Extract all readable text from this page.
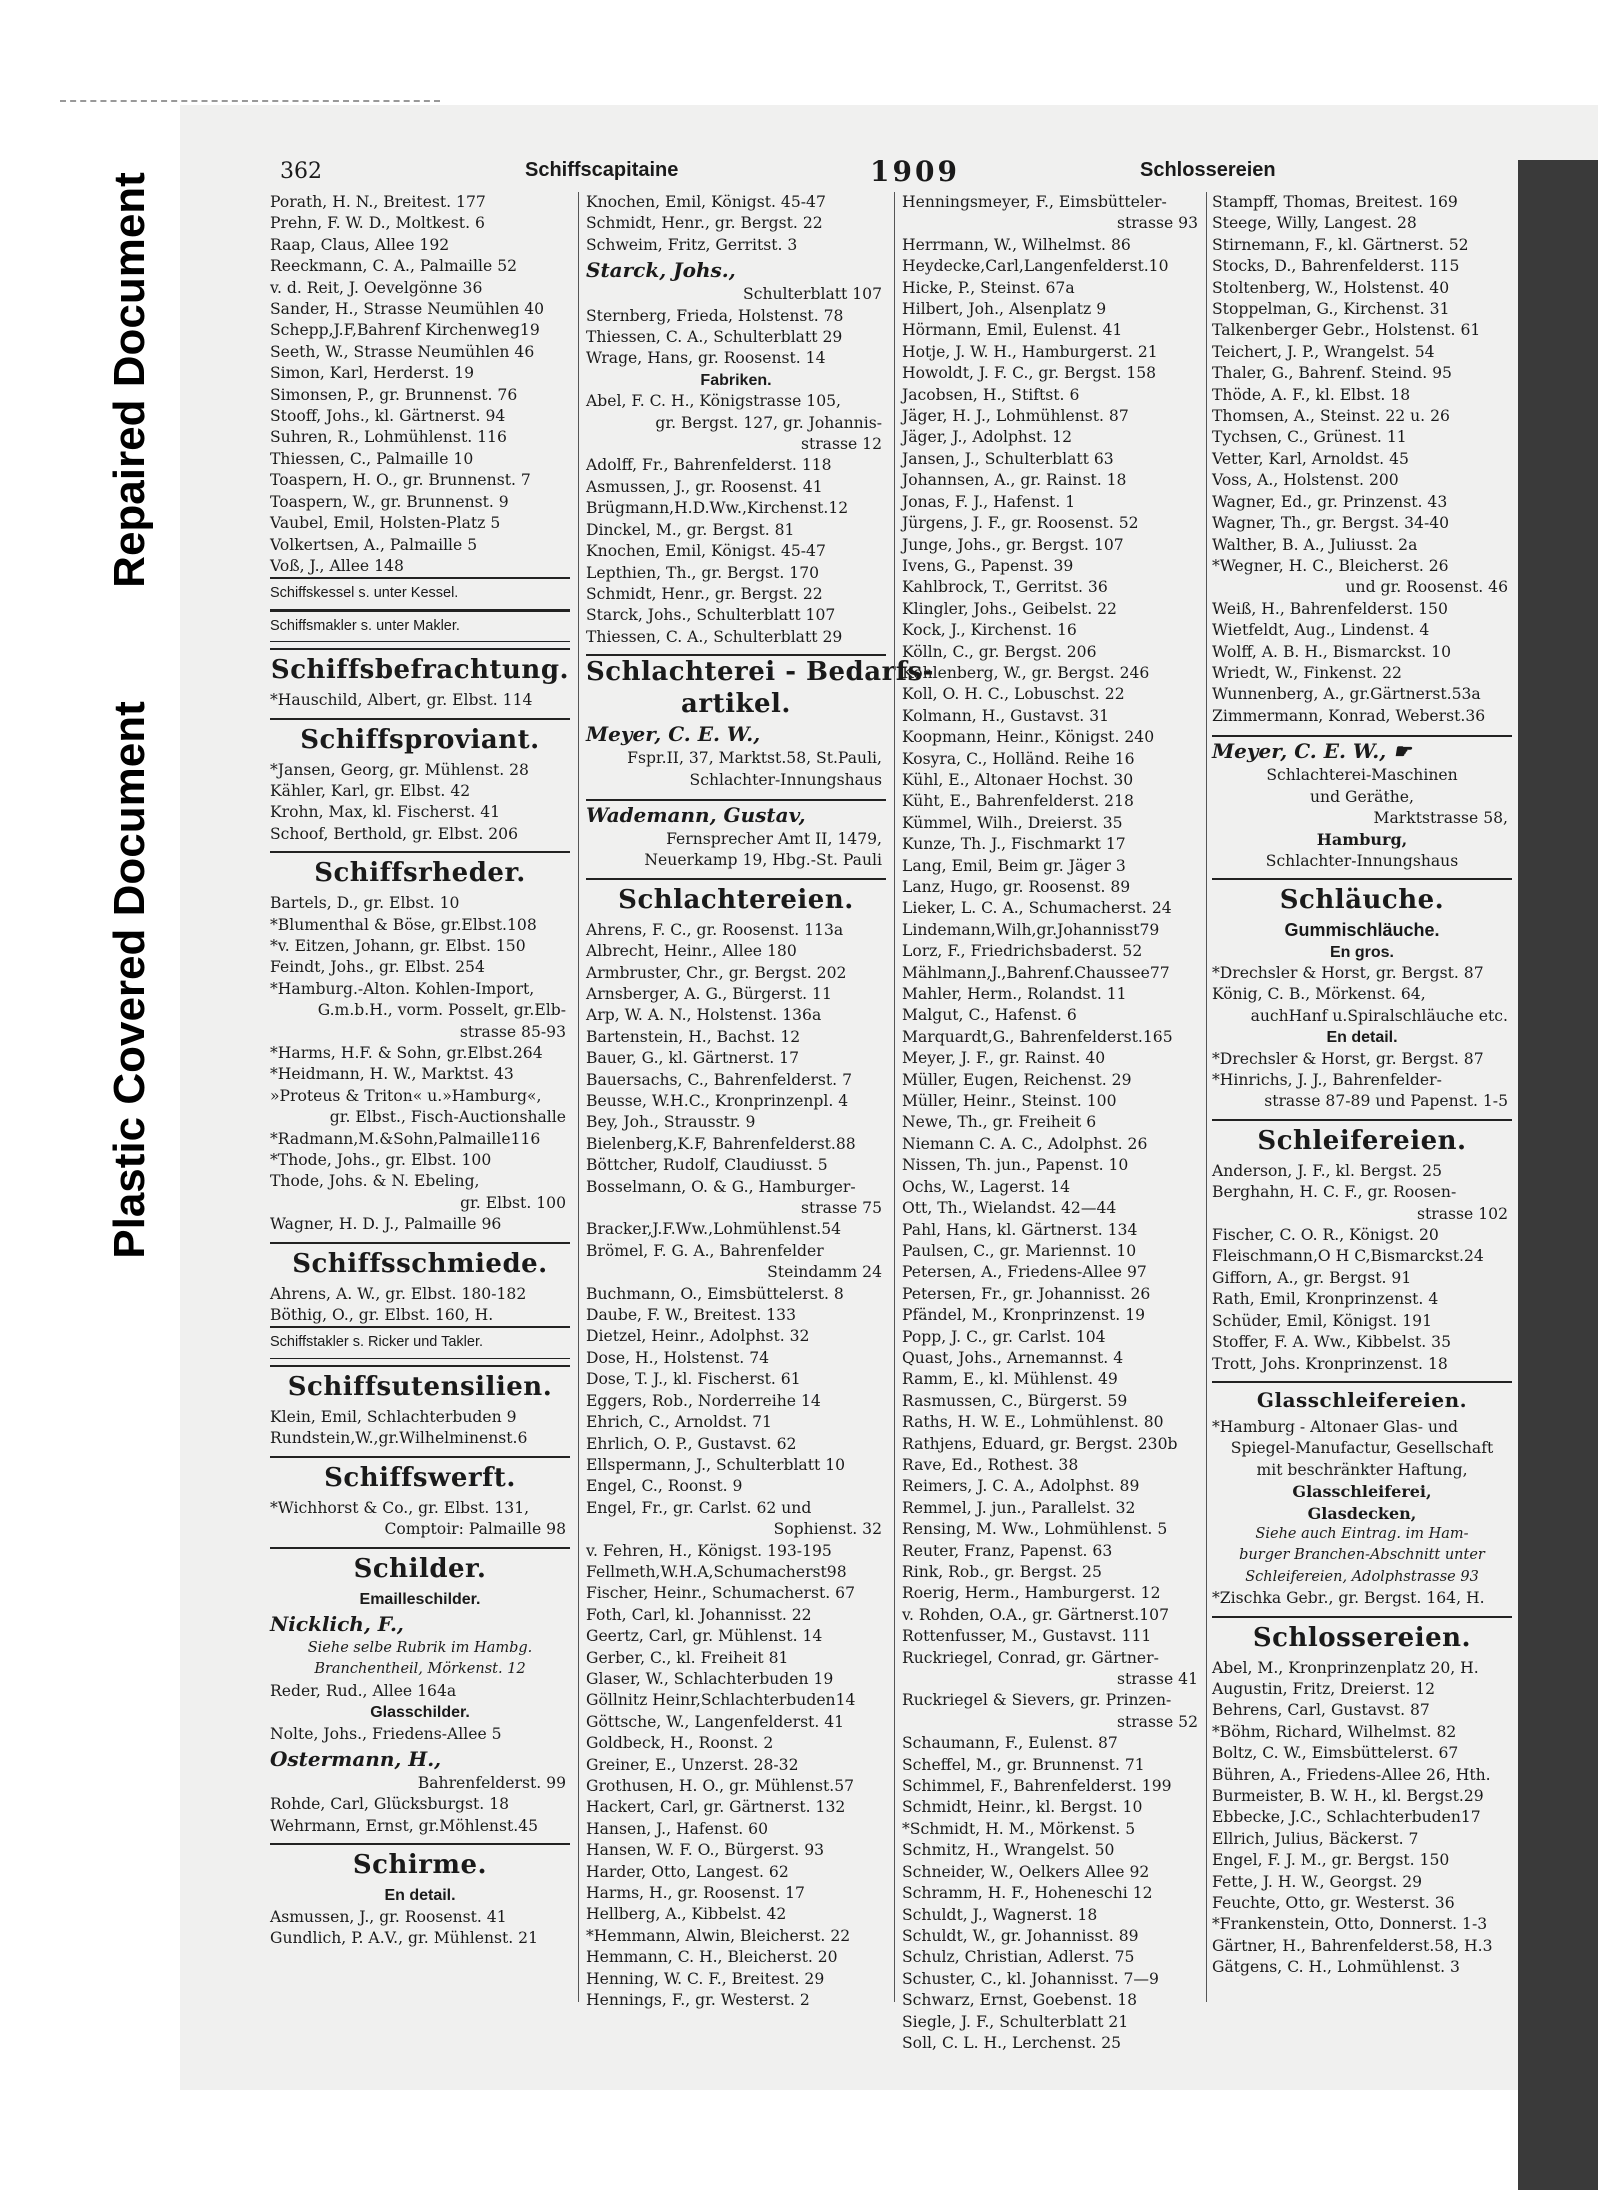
Repaired Document
Plastic Covered Document
362	Schiffscapitaine	1909	Schlossereien
Porath, H. N., Breitest. 177
Prehn, F. W. D., Moltkest. 6
Raap, Claus, Allee 192
Reeckmann, C. A., Palmaille 52
v. d. Reit, J. Oevelgönne 36
Sander, H., Strasse Neumühlen 40
Schepp,J.F,Bahrenf Kirchenweg19
Seeth, W., Strasse Neumühlen 46
Simon, Karl, Herderst. 19
Simonsen, P., gr. Brunnenst. 76
Stooff, Johs., kl. Gärtnerst. 94
Suhren, R., Lohmühlenst. 116
Thiessen, C., Palmaille 10
Toaspern, H. O., gr. Brunnenst. 7
Toaspern, W., gr. Brunnenst. 9
Vaubel, Emil, Holsten-Platz 5
Volkertsen, A., Palmaille 5
Voß, J., Allee 148
Schiffskessel s. unter Kessel.
Schiffsmakler s. unter Makler.
Schiffsbefrachtung.
*Hauschild, Albert, gr. Elbst. 114
Schiffsproviant.
*Jansen, Georg, gr. Mühlenst. 28
Kähler, Karl, gr. Elbst. 42
Krohn, Max, kl. Fischerst. 41
Schoof, Berthold, gr. Elbst. 206
Schiffsrheder.
Bartels, D., gr. Elbst. 10
*Blumenthal & Böse, gr.Elbst.108
*v. Eitzen, Johann, gr. Elbst. 150
Feindt, Johs., gr. Elbst. 254
*Hamburg.-Alton. Kohlen-Import,
G.m.b.H., vorm. Posselt, gr.Elb-
strasse 85-93
*Harms, H.F. & Sohn, gr.Elbst.264
*Heidmann, H. W., Marktst. 43
»Proteus & Triton« u.»Hamburg«,
gr. Elbst., Fisch-Auctionshalle
*Radmann,M.&Sohn,Palmaille116
*Thode, Johs., gr. Elbst. 100
Thode, Johs. & N. Ebeling,
gr. Elbst. 100
Wagner, H. D. J., Palmaille 96
Schiffsschmiede.
Ahrens, A. W., gr. Elbst. 180-182
Böthig, O., gr. Elbst. 160, H.
Schiffstakler s. Ricker und Takler.
Schiffsutensilien.
Klein, Emil, Schlachterbuden 9
Rundstein,W.,gr.Wilhelminenst.6
Schiffswerft.
*Wichhorst & Co., gr. Elbst. 131,
Comptoir: Palmaille 98
Schilder.
Emailleschilder.
Nicklich, F.,
Siehe selbe Rubrik im Hambg.
Branchentheil, Mörkenst. 12
Reder, Rud., Allee 164a
Glasschilder.
Nolte, Johs., Friedens-Allee 5
Ostermann, H.,
Bahrenfelderst. 99
Rohde, Carl, Glücksburgst. 18
Wehrmann, Ernst, gr.Möhlenst.45
Schirme.
En detail.
Asmussen, J., gr. Roosenst. 41
Gundlich, P. A.V., gr. Mühlenst. 21
Knochen, Emil, Königst. 45-47
Schmidt, Henr., gr. Bergst. 22
Schweim, Fritz, Gerritst. 3
Starck, Johs.,
Schulterblatt 107
Sternberg, Frieda, Holstenst. 78
Thiessen, C. A., Schulterblatt 29
Wrage, Hans, gr. Roosenst. 14
Fabriken.
Abel, F. C. H., Königstrasse 105,
gr. Bergst. 127, gr. Johannis-
strasse 12
Adolff, Fr., Bahrenfelderst. 118
Asmussen, J., gr. Roosenst. 41
Brügmann,H.D.Ww.,Kirchenst.12
Dinckel, M., gr. Bergst. 81
Knochen, Emil, Königst. 45-47
Lepthien, Th., gr. Bergst. 170
Schmidt, Henr., gr. Bergst. 22
Starck, Johs., Schulterblatt 107
Thiessen, C. A., Schulterblatt 29
Schlachterei - Bedarfs-
artikel.
Meyer, C. E. W.,
Fspr.II, 37, Marktst.58, St.Pauli,
Schlachter-Innungshaus
Wademann, Gustav,
Fernsprecher Amt II, 1479,
Neuerkamp 19, Hbg.-St. Pauli
Schlachtereien.
Ahrens, F. C., gr. Roosenst. 113a
Albrecht, Heinr., Allee 180
Armbruster, Chr., gr. Bergst. 202
Arnsberger, A. G., Bürgerst. 11
Arp, W. A. N., Holstenst. 136a
Bartenstein, H., Bachst. 12
Bauer, G., kl. Gärtnerst. 17
Bauersachs, C., Bahrenfelderst. 7
Beusse, W.H.C., Kronprinzenpl. 4
Bey, Joh., Strausstr. 9
Bielenberg,K.F, Bahrenfelderst.88
Böttcher, Rudolf, Claudiusst. 5
Bosselmann, O. & G., Hamburger-
strasse 75
Bracker,J.F.Ww.,Lohmühlenst.54
Brömel, F. G. A., Bahrenfelder
Steindamm 24
Buchmann, O., Eimsbüttelerst. 8
Daube, F. W., Breitest. 133
Dietzel, Heinr., Adolphst. 32
Dose, H., Holstenst. 74
Dose, T. J., kl. Fischerst. 61
Eggers, Rob., Norderreihe 14
Ehrich, C., Arnoldst. 71
Ehrlich, O. P., Gustavst. 62
Ellspermann, J., Schulterblatt 10
Engel, C., Roonst. 9
Engel, Fr., gr. Carlst. 62 und
Sophienst. 32
v. Fehren, H., Königst. 193-195
Fellmeth,W.H.A,Schumacherst98
Fischer, Heinr., Schumacherst. 67
Foth, Carl, kl. Johannisst. 22
Geertz, Carl, gr. Mühlenst. 14
Gerber, C., kl. Freiheit 81
Glaser, W., Schlachterbuden 19
Göllnitz Heinr,Schlachterbuden14
Göttsche, W., Langenfelderst. 41
Goldbeck, H., Roonst. 2
Greiner, E., Unzerst. 28-32
Grothusen, H. O., gr. Mühlenst.57
Hackert, Carl, gr. Gärtnerst. 132
Hansen, J., Hafenst. 60
Hansen, W. F. O., Bürgerst. 93
Harder, Otto, Langest. 62
Harms, H., gr. Roosenst. 17
Hellberg, A., Kibbelst. 42
*Hemmann, Alwin, Bleicherst. 22
Hemmann, C. H., Bleicherst. 20
Henning, W. C. F., Breitest. 29
Hennings, F., gr. Westerst. 2
Henningsmeyer, F., Eimsbütteler-
strasse 93
Herrmann, W., Wilhelmst. 86
Heydecke,Carl,Langenfelderst.10
Hicke, P., Steinst. 67a
Hilbert, Joh., Alsenplatz 9
Hörmann, Emil, Eulenst. 41
Hotje, J. W. H., Hamburgerst. 21
Howoldt, J. F. C., gr. Bergst. 158
Jacobsen, H., Stiftst. 6
Jäger, H. J., Lohmühlenst. 87
Jäger, J., Adolphst. 12
Jansen, J., Schulterblatt 63
Johannsen, A., gr. Rainst. 18
Jonas, F. J., Hafenst. 1
Jürgens, J. F., gr. Roosenst. 52
Junge, Johs., gr. Bergst. 107
Ivens, G., Papenst. 39
Kahlbrock, T., Gerritst. 36
Klingler, Johs., Geibelst. 22
Kock, J., Kirchenst. 16
Kölln, C., gr. Bergst. 206
Kohlenberg, W., gr. Bergst. 246
Koll, O. H. C., Lobuschst. 22
Kolmann, H., Gustavst. 31
Koopmann, Heinr., Königst. 240
Kosyra, C., Holländ. Reihe 16
Kühl, E., Altonaer Hochst. 30
Küht, E., Bahrenfelderst. 218
Kümmel, Wilh., Dreierst. 35
Kunze, Th. J., Fischmarkt 17
Lang, Emil, Beim gr. Jäger 3
Lanz, Hugo, gr. Roosenst. 89
Lieker, L. C. A., Schumacherst. 24
Lindemann,Wilh,gr.Johannisst79
Lorz, F., Friedrichsbaderst. 52
Mählmann,J.,Bahrenf.Chaussee77
Mahler, Herm., Rolandst. 11
Malgut, C., Hafenst. 6
Marquardt,G., Bahrenfelderst.165
Meyer, J. F., gr. Rainst. 40
Müller, Eugen, Reichenst. 29
Müller, Heinr., Steinst. 100
Newe, Th., gr. Freiheit 6
Niemann C. A. C., Adolphst. 26
Nissen, Th. jun., Papenst. 10
Ochs, W., Lagerst. 14
Ott, Th., Wielandst. 42—44
Pahl, Hans, kl. Gärtnerst. 134
Paulsen, C., gr. Mariennst. 10
Petersen, A., Friedens-Allee 97
Petersen, Fr., gr. Johannisst. 26
Pfändel, M., Kronprinzenst. 19
Popp, J. C., gr. Carlst. 104
Quast, Johs., Arnemannst. 4
Ramm, E., kl. Mühlenst. 49
Rasmussen, C., Bürgerst. 59
Raths, H. W. E., Lohmühlenst. 80
Rathjens, Eduard, gr. Bergst. 230b
Rave, Ed., Rothest. 38
Reimers, J. C. A., Adolphst. 89
Remmel, J. jun., Parallelst. 32
Rensing, M. Ww., Lohmühlenst. 5
Reuter, Franz, Papenst. 63
Rink, Rob., gr. Bergst. 25
Roerig, Herm., Hamburgerst. 12
v. Rohden, O.A., gr. Gärtnerst.107
Rottenfusser, M., Gustavst. 111
Ruckriegel, Conrad, gr. Gärtner-
strasse 41
Ruckriegel & Sievers, gr. Prinzen-
strasse 52
Schaumann, F., Eulenst. 87
Scheffel, M., gr. Brunnenst. 71
Schimmel, F., Bahrenfelderst. 199
Schmidt, Heinr., kl. Bergst. 10
*Schmidt, H. M., Mörkenst. 5
Schmitz, H., Wrangelst. 50
Schneider, W., Oelkers Allee 92
Schramm, H. F., Hoheneschi 12
Schuldt, J., Wagnerst. 18
Schuldt, W., gr. Johannisst. 89
Schulz, Christian, Adlerst. 75
Schuster, C., kl. Johannisst. 7—9
Schwarz, Ernst, Goebenst. 18
Siegle, J. F., Schulterblatt 21
Soll, C. L. H., Lerchenst. 25
Stampff, Thomas, Breitest. 169
Steege, Willy, Langest. 28
Stirnemann, F., kl. Gärtnerst. 52
Stocks, D., Bahrenfelderst. 115
Stoltenberg, W., Holstenst. 40
Stoppelman, G., Kirchenst. 31
Talkenberger Gebr., Holstenst. 61
Teichert, J. P., Wrangelst. 54
Thaler, G., Bahrenf. Steind. 95
Thöde, A. F., kl. Elbst. 18
Thomsen, A., Steinst. 22 u. 26
Tychsen, C., Grünest. 11
Vetter, Karl, Arnoldst. 45
Voss, A., Holstenst. 200
Wagner, Ed., gr. Prinzenst. 43
Wagner, Th., gr. Bergst. 34-40
Walther, B. A., Juliusst. 2a
*Wegner, H. C., Bleicherst. 26
und gr. Roosenst. 46
Weiß, H., Bahrenfelderst. 150
Wietfeldt, Aug., Lindenst. 4
Wolff, A. B. H., Bismarckst. 10
Wriedt, W., Finkenst. 22
Wunnenberg, A., gr.Gärtnerst.53a
Zimmermann, Konrad, Weberst.36
Meyer, C. E. W., ☛
Schlachterei-Maschinen
und Geräthe,
Marktstrasse 58,
Hamburg,
Schlachter-Innungshaus
Schläuche.
Gummischläuche.
En gros.
*Drechsler & Horst, gr. Bergst. 87
König, C. B., Mörkenst. 64,
auchHanf u.Spiralschläuche etc.
En detail.
*Drechsler & Horst, gr. Bergst. 87
*Hinrichs, J. J., Bahrenfelder-
strasse 87-89 und Papenst. 1-5
Schleifereien.
Anderson, J. F., kl. Bergst. 25
Berghahn, H. C. F., gr. Roosen-
strasse 102
Fischer, C. O. R., Königst. 20
Fleischmann,O H C,Bismarckst.24
Gifforn, A., gr. Bergst. 91
Rath, Emil, Kronprinzenst. 4
Schüder, Emil, Königst. 191
Stoffer, F. A. Ww., Kibbelst. 35
Trott, Johs. Kronprinzenst. 18
Glasschleifereien.
*Hamburg - Altonaer Glas- und
Spiegel-Manufactur, Gesellschaft
mit beschränkter Haftung,
Glasschleiferei,
Glasdecken,
Siehe auch Eintrag. im Ham-
burger Branchen-Abschnitt unter
Schleifereien, Adolphstrasse 93
*Zischka Gebr., gr. Bergst. 164, H.
Schlossereien.
Abel, M., Kronprinzenplatz 20, H.
Augustin, Fritz, Dreierst. 12
Behrens, Carl, Gustavst. 87
*Böhm, Richard, Wilhelmst. 82
Boltz, C. W., Eimsbüttelerst. 67
Bühren, A., Friedens-Allee 26, Hth.
Burmeister, B. W. H., kl. Bergst.29
Ebbecke, J.C., Schlachterbuden17
Ellrich, Julius, Bäckerst. 7
Engel, F. J. M., gr. Bergst. 150
Fette, J. H. W., Georgst. 29
Feuchte, Otto, gr. Westerst. 36
*Frankenstein, Otto, Donnerst. 1-3
Gärtner, H., Bahrenfelderst.58, H.3
Gätgens, C. H., Lohmühlenst. 3
